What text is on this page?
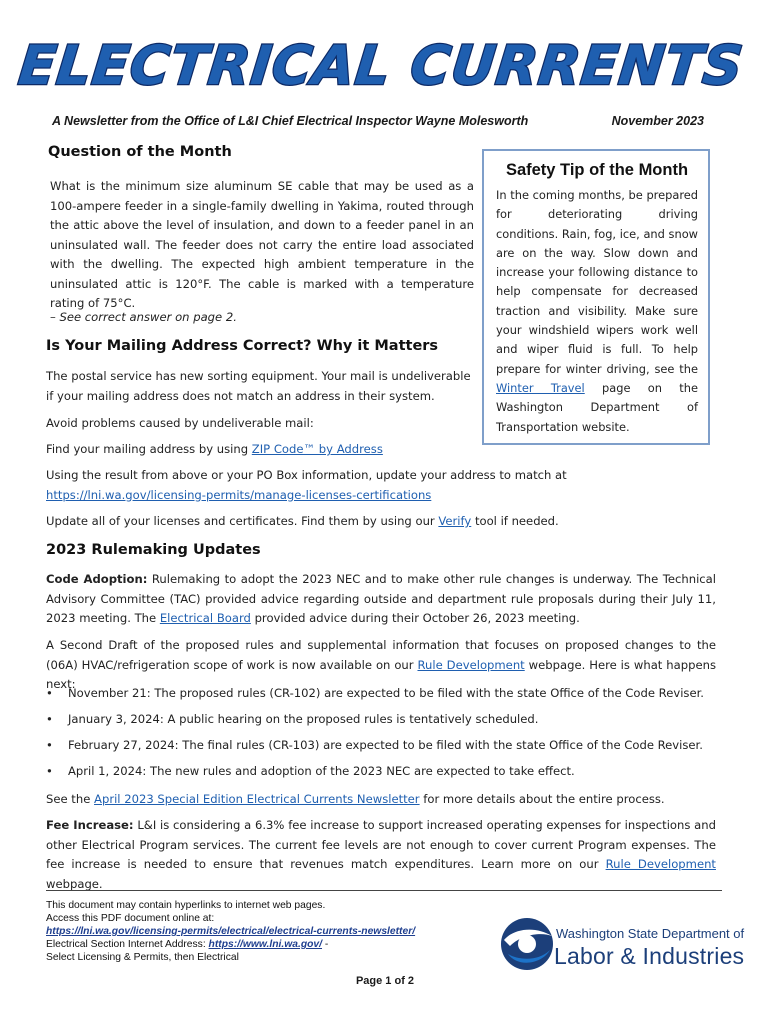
ELECTRICAL CURRENTS
A Newsletter from the Office of L&I Chief Electrical Inspector Wayne Molesworth	November 2023
Question of the Month
What is the minimum size aluminum SE cable that may be used as a 100-ampere feeder in a single-family dwelling in Yakima, routed through the attic above the level of insulation, and down to a feeder panel in an uninsulated wall. The feeder does not carry the entire load associated with the dwelling. The expected high ambient temperature in the uninsulated attic is 120°F. The cable is marked with a temperature rating of 75°C.
– See correct answer on page 2.
Safety Tip of the Month
In the coming months, be prepared for deteriorating driving conditions. Rain, fog, ice, and snow are on the way. Slow down and increase your following distance to help compensate for decreased traction and visibility. Make sure your windshield wipers work well and wiper fluid is full. To help prepare for winter driving, see the Winter Travel page on the Washington Department of Transportation website.
Is Your Mailing Address Correct? Why it Matters
The postal service has new sorting equipment. Your mail is undeliverable if your mailing address does not match an address in their system.
Avoid problems caused by undeliverable mail:
Find your mailing address by using ZIP Code™ by Address
Using the result from above or your PO Box information, update your address to match at https://lni.wa.gov/licensing-permits/manage-licenses-certifications
Update all of your licenses and certificates. Find them by using our Verify tool if needed.
2023 Rulemaking Updates
Code Adoption: Rulemaking to adopt the 2023 NEC and to make other rule changes is underway. The Technical Advisory Committee (TAC) provided advice regarding outside and department rule proposals during their July 11, 2023 meeting. The Electrical Board provided advice during their October 26, 2023 meeting.
A Second Draft of the proposed rules and supplemental information that focuses on proposed changes to the (06A) HVAC/refrigeration scope of work is now available on our Rule Development webpage. Here is what happens next:
• November 21: The proposed rules (CR-102) are expected to be filed with the state Office of the Code Reviser.
• January 3, 2024: A public hearing on the proposed rules is tentatively scheduled.
• February 27, 2024: The final rules (CR-103) are expected to be filed with the state Office of the Code Reviser.
• April 1, 2024: The new rules and adoption of the 2023 NEC are expected to take effect.
See the April 2023 Special Edition Electrical Currents Newsletter for more details about the entire process.
Fee Increase: L&I is considering a 6.3% fee increase to support increased operating expenses for inspections and other Electrical Program services. The current fee levels are not enough to cover current Program expenses. The fee increase is needed to ensure that revenues match expenditures. Learn more on our Rule Development webpage.
This document may contain hyperlinks to internet web pages.
Access this PDF document online at:
https://lni.wa.gov/licensing-permits/electrical/electrical-currents-newsletter/
Electrical Section Internet Address: https://www.lni.wa.gov/ -
Select Licensing & Permits, then Electrical
Washington State Department of
Labor & Industries
Page 1 of 2
